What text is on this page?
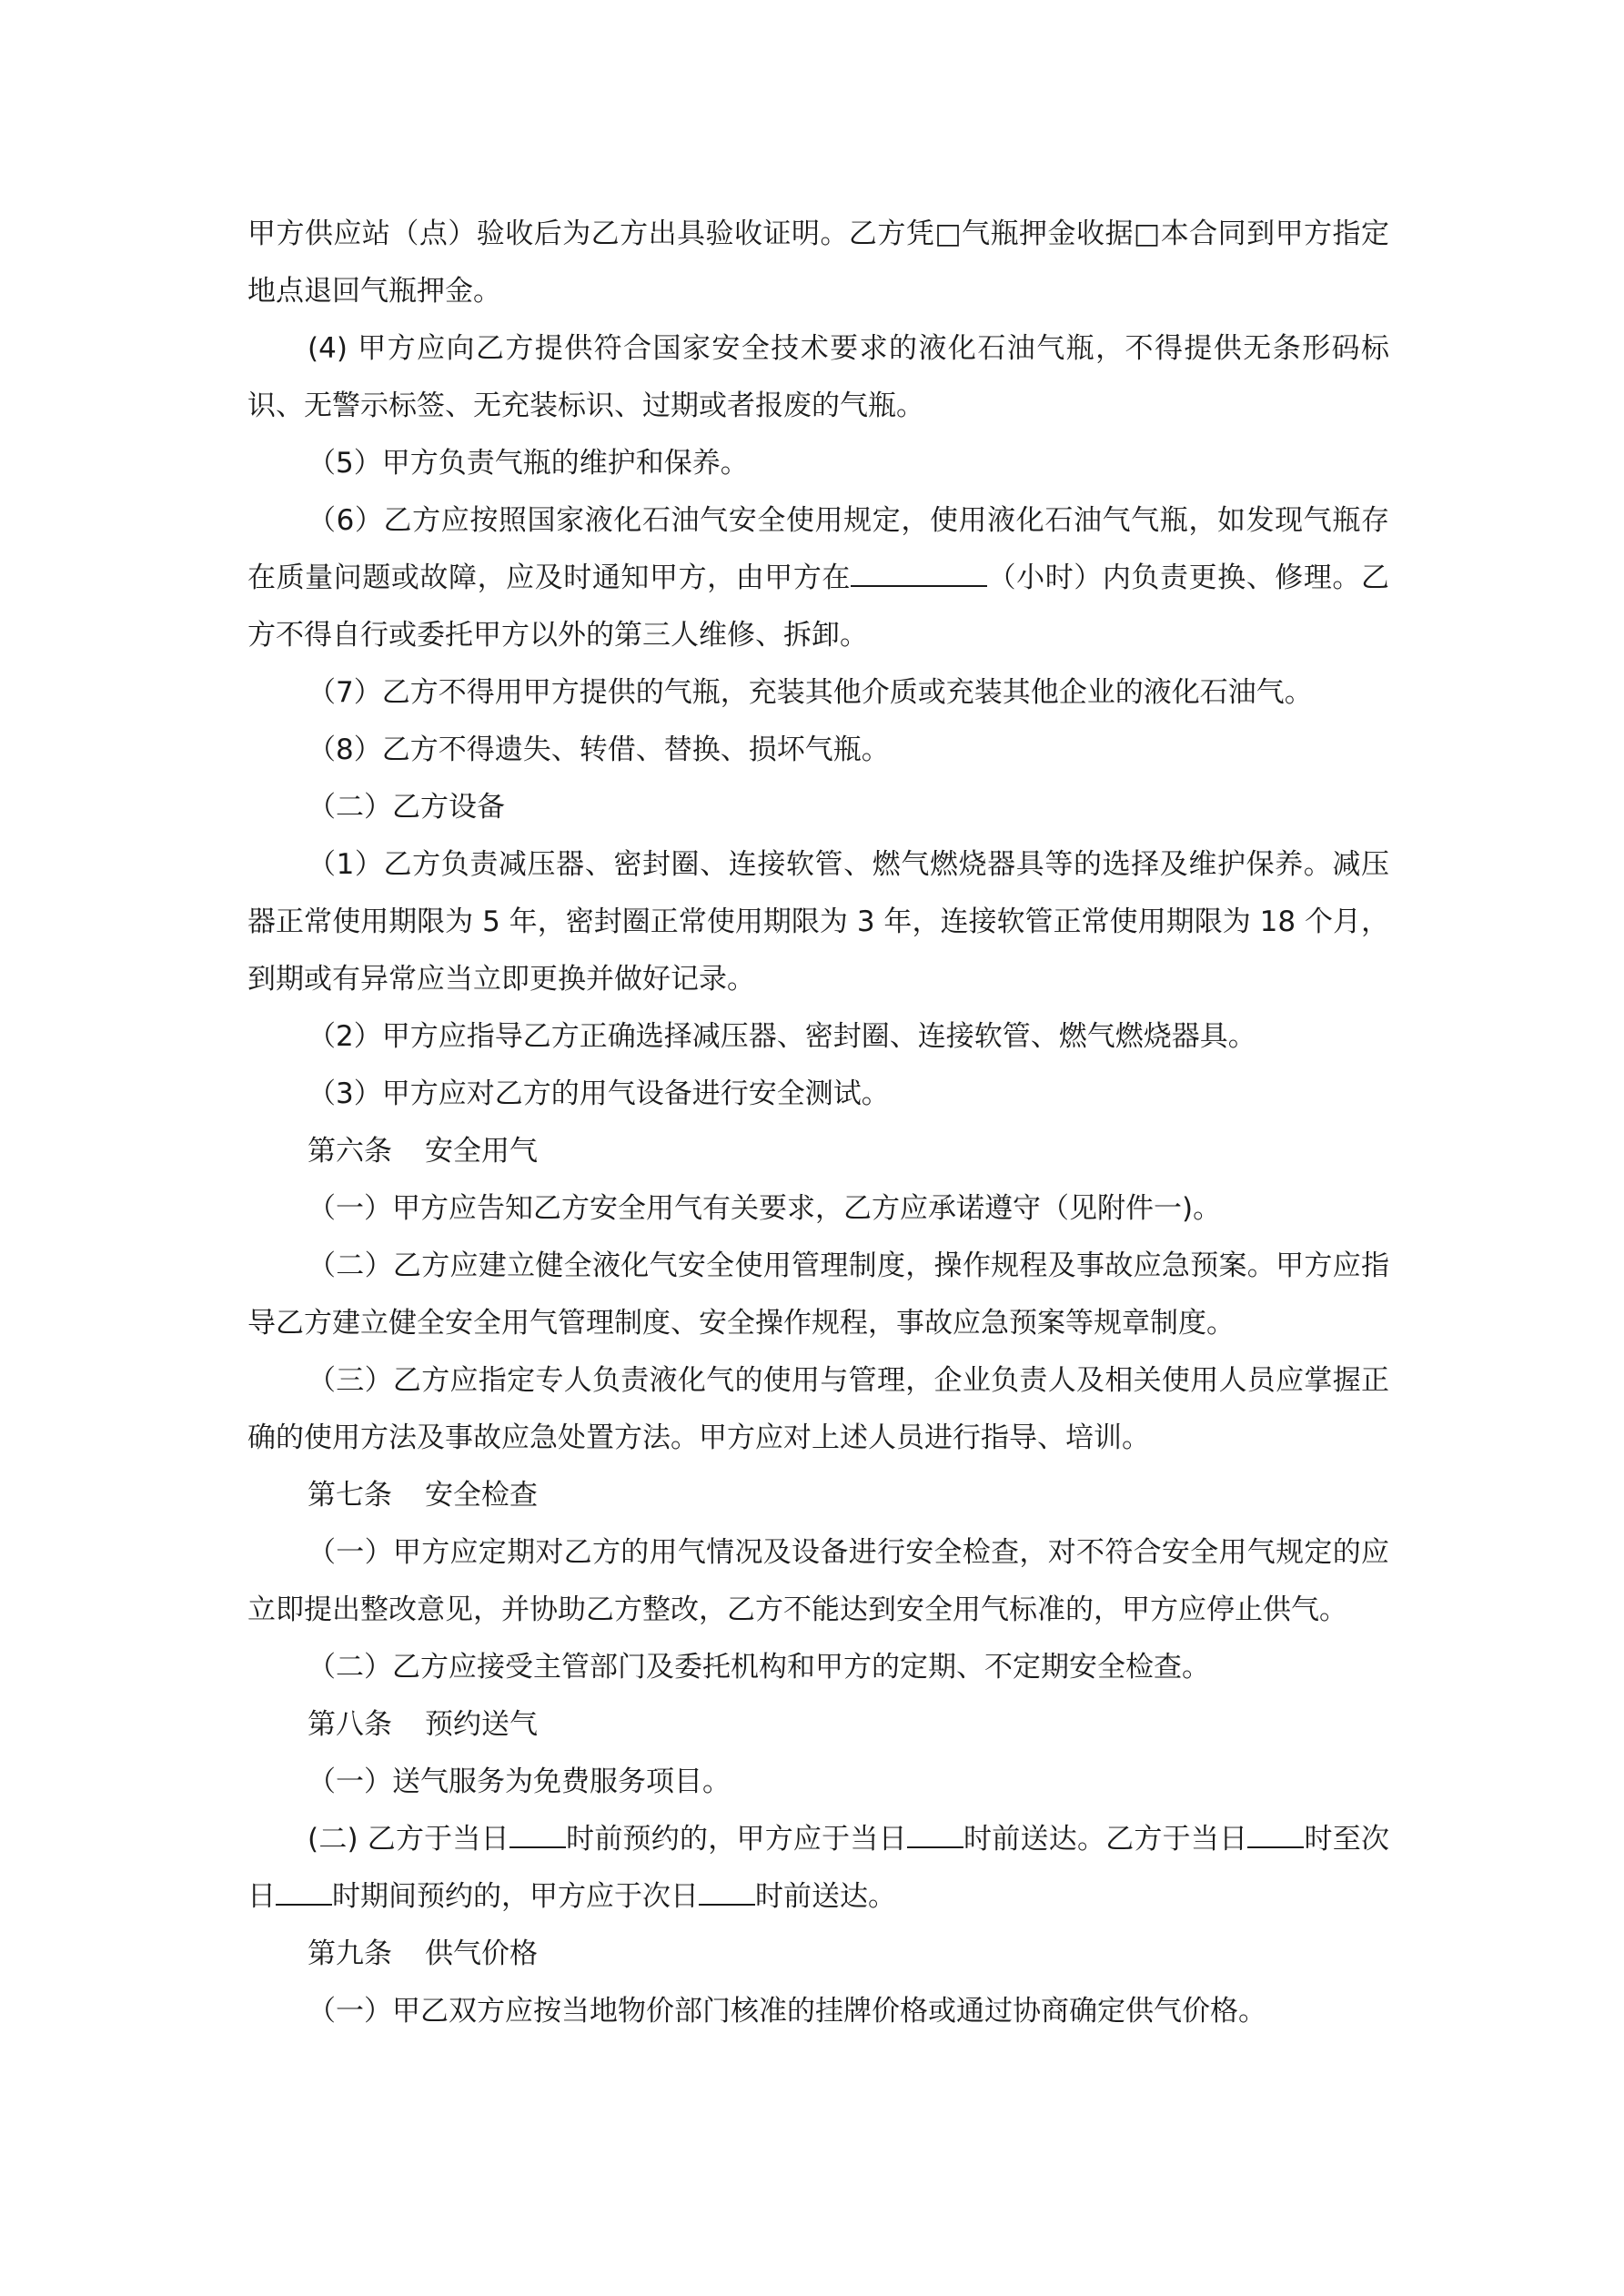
甲方供应站（点）验收后为乙方出具验收证明。乙方凭□气瓶押金收据□本合同到甲方指定地点退回气瓶押金。

(4) 甲方应向乙方提供符合国家安全技术要求的液化石油气瓶，不得提供无条形码标识、无警示标签、无充装标识、过期或者报废的气瓶。

（5）甲方负责气瓶的维护和保养。

（6）乙方应按照国家液化石油气安全使用规定，使用液化石油气气瓶，如发现气瓶存在质量问题或故障，应及时通知甲方，由甲方在	（小时）内负责更换、修理。乙方不得自行或委托甲方以外的第三人维修、拆卸。

（7）乙方不得用甲方提供的气瓶，充装其他介质或充装其他企业的液化石油气。

（8）乙方不得遗失、转借、替换、损坏气瓶。

（二）乙方设备

（1）乙方负责减压器、密封圈、连接软管、燃气燃烧器具等的选择及维护保养。减压器正常使用期限为 5 年，密封圈正常使用期限为 3 年，连接软管正常使用期限为 18 个月，到期或有异常应当立即更换并做好记录。

（2）甲方应指导乙方正确选择减压器、密封圈、连接软管、燃气燃烧器具。

（3）甲方应对乙方的用气设备进行安全测试。

第六条 安全用气

（一）甲方应告知乙方安全用气有关要求，乙方应承诺遵守（见附件一)。

（二）乙方应建立健全液化气安全使用管理制度，操作规程及事故应急预案。甲方应指导乙方建立健全安全用气管理制度、安全操作规程，事故应急预案等规章制度。

（三）乙方应指定专人负责液化气的使用与管理，企业负责人及相关使用人员应掌握正确的使用方法及事故应急处置方法。甲方应对上述人员进行指导、培训。

第七条 安全检查

（一）甲方应定期对乙方的用气情况及设备进行安全检查，对不符合安全用气规定的应立即提出整改意见，并协助乙方整改，乙方不能达到安全用气标准的，甲方应停止供气。

（二）乙方应接受主管部门及委托机构和甲方的定期、不定期安全检查。

第八条 预约送气

（一）送气服务为免费服务项目。

(二) 乙方于当日 时前预约的，甲方应于当日 时前送达。乙方于当日 时至次日 时期间预约的，甲方应于次日 时前送达。

第九条 供气价格

（一）甲乙双方应按当地物价部门核准的挂牌价格或通过协商确定供气价格。
